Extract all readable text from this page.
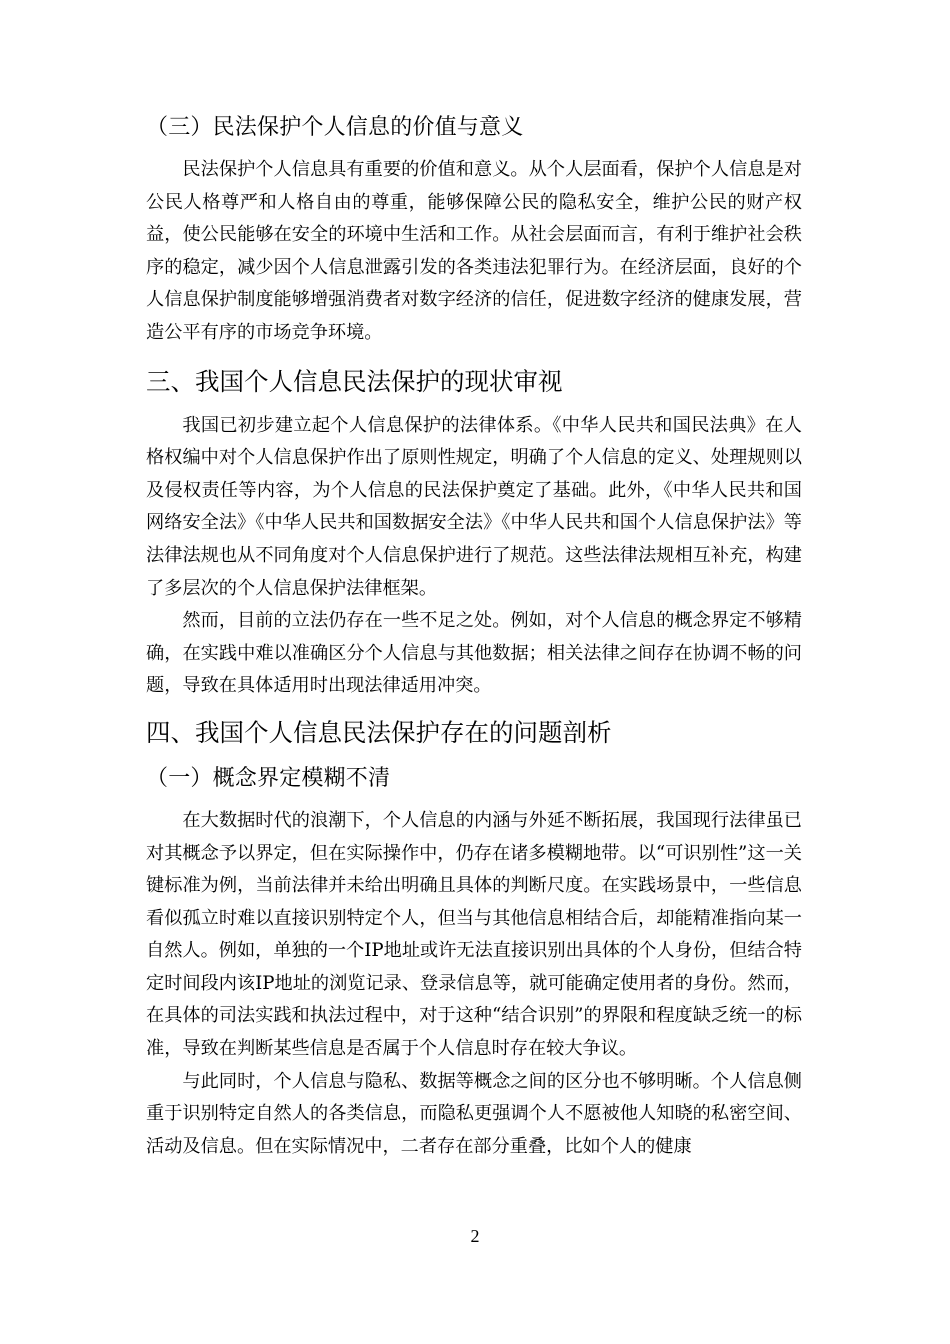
（三）民法保护个人信息的价值与意义

民法保护个人信息具有重要的价值和意义。从个人层面看，保护个人信息是对公民人格尊严和人格自由的尊重，能够保障公民的隐私安全，维护公民的财产权益，使公民能够在安全的环境中生活和工作。从社会层面而言，有利于维护社会秩序的稳定，减少因个人信息泄露引发的各类违法犯罪行为。在经济层面，良好的个人信息保护制度能够增强消费者对数字经济的信任，促进数字经济的健康发展，营造公平有序的市场竞争环境。

三、我国个人信息民法保护的现状审视

我国已初步建立起个人信息保护的法律体系。《中华人民共和国民法典》在人格权编中对个人信息保护作出了原则性规定，明确了个人信息的定义、处理规则以及侵权责任等内容，为个人信息的民法保护奠定了基础。此外，《中华人民共和国网络安全法》《中华人民共和国数据安全法》《中华人民共和国个人信息保护法》等法律法规也从不同角度对个人信息保护进行了规范。这些法律法规相互补充，构建了多层次的个人信息保护法律框架。

然而，目前的立法仍存在一些不足之处。例如，对个人信息的概念界定不够精确，在实践中难以准确区分个人信息与其他数据；相关法律之间存在协调不畅的问题，导致在具体适用时出现法律适用冲突。

四、我国个人信息民法保护存在的问题剖析
（一）概念界定模糊不清

在大数据时代的浪潮下，个人信息的内涵与外延不断拓展，我国现行法律虽已对其概念予以界定，但在实际操作中，仍存在诸多模糊地带。以“可识别性”这一关键标准为例，当前法律并未给出明确且具体的判断尺度。在实践场景中，一些信息看似孤立时难以直接识别特定个人，但当与其他信息相结合后，却能精准指向某一自然人。例如，单独的一个IP地址或许无法直接识别出具体的个人身份，但结合特定时间段内该IP地址的浏览记录、登录信息等，就可能确定使用者的身份。然而，在具体的司法实践和执法过程中，对于这种“结合识别”的界限和程度缺乏统一的标准，导致在判断某些信息是否属于个人信息时存在较大争议。

与此同时，个人信息与隐私、数据等概念之间的区分也不够明晰。个人信息侧重于识别特定自然人的各类信息，而隐私更强调个人不愿被他人知晓的私密空间、活动及信息。但在实际情况中，二者存在部分重叠，比如个人的健康

2
